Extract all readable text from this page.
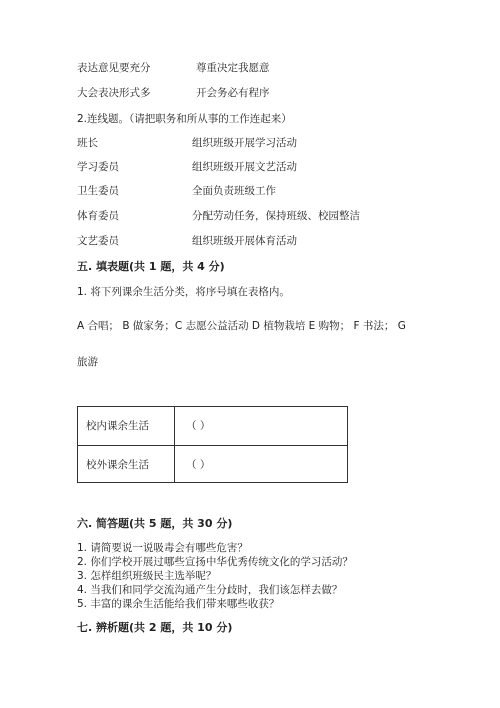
表达意见要充分	尊重决定我愿意
大会表决形式多	开会务必有程序
2.连线题。（请把职务和所从事的工作连起来）
班长	组织班级开展学习活动
学习委员	组织班级开展文艺活动
卫生委员	全面负责班级工作
体育委员	分配劳动任务，保持班级、校园整洁
文艺委员	组织班级开展体育活动
五. 填表题(共 1 题，共 4 分)
1. 将下列课余生活分类，将序号填在表格内。
A 合唱； B 做家务；C 志愿公益活动 D 植物栽培 E 购物； F 书法； G
旅游
校内课余生活	（ ）
校外课余生活	（ ）
六. 简答题(共 5 题，共 30 分)
1. 请简要说一说吸毒会有哪些危害？
2. 你们学校开展过哪些宣扬中华优秀传统文化的学习活动？
3. 怎样组织班级民主选举呢？
4. 当我们和同学交流沟通产生分歧时，我们该怎样去做？
5. 丰富的课余生活能给我们带来哪些收获？
七. 辨析题(共 2 题，共 10 分)
